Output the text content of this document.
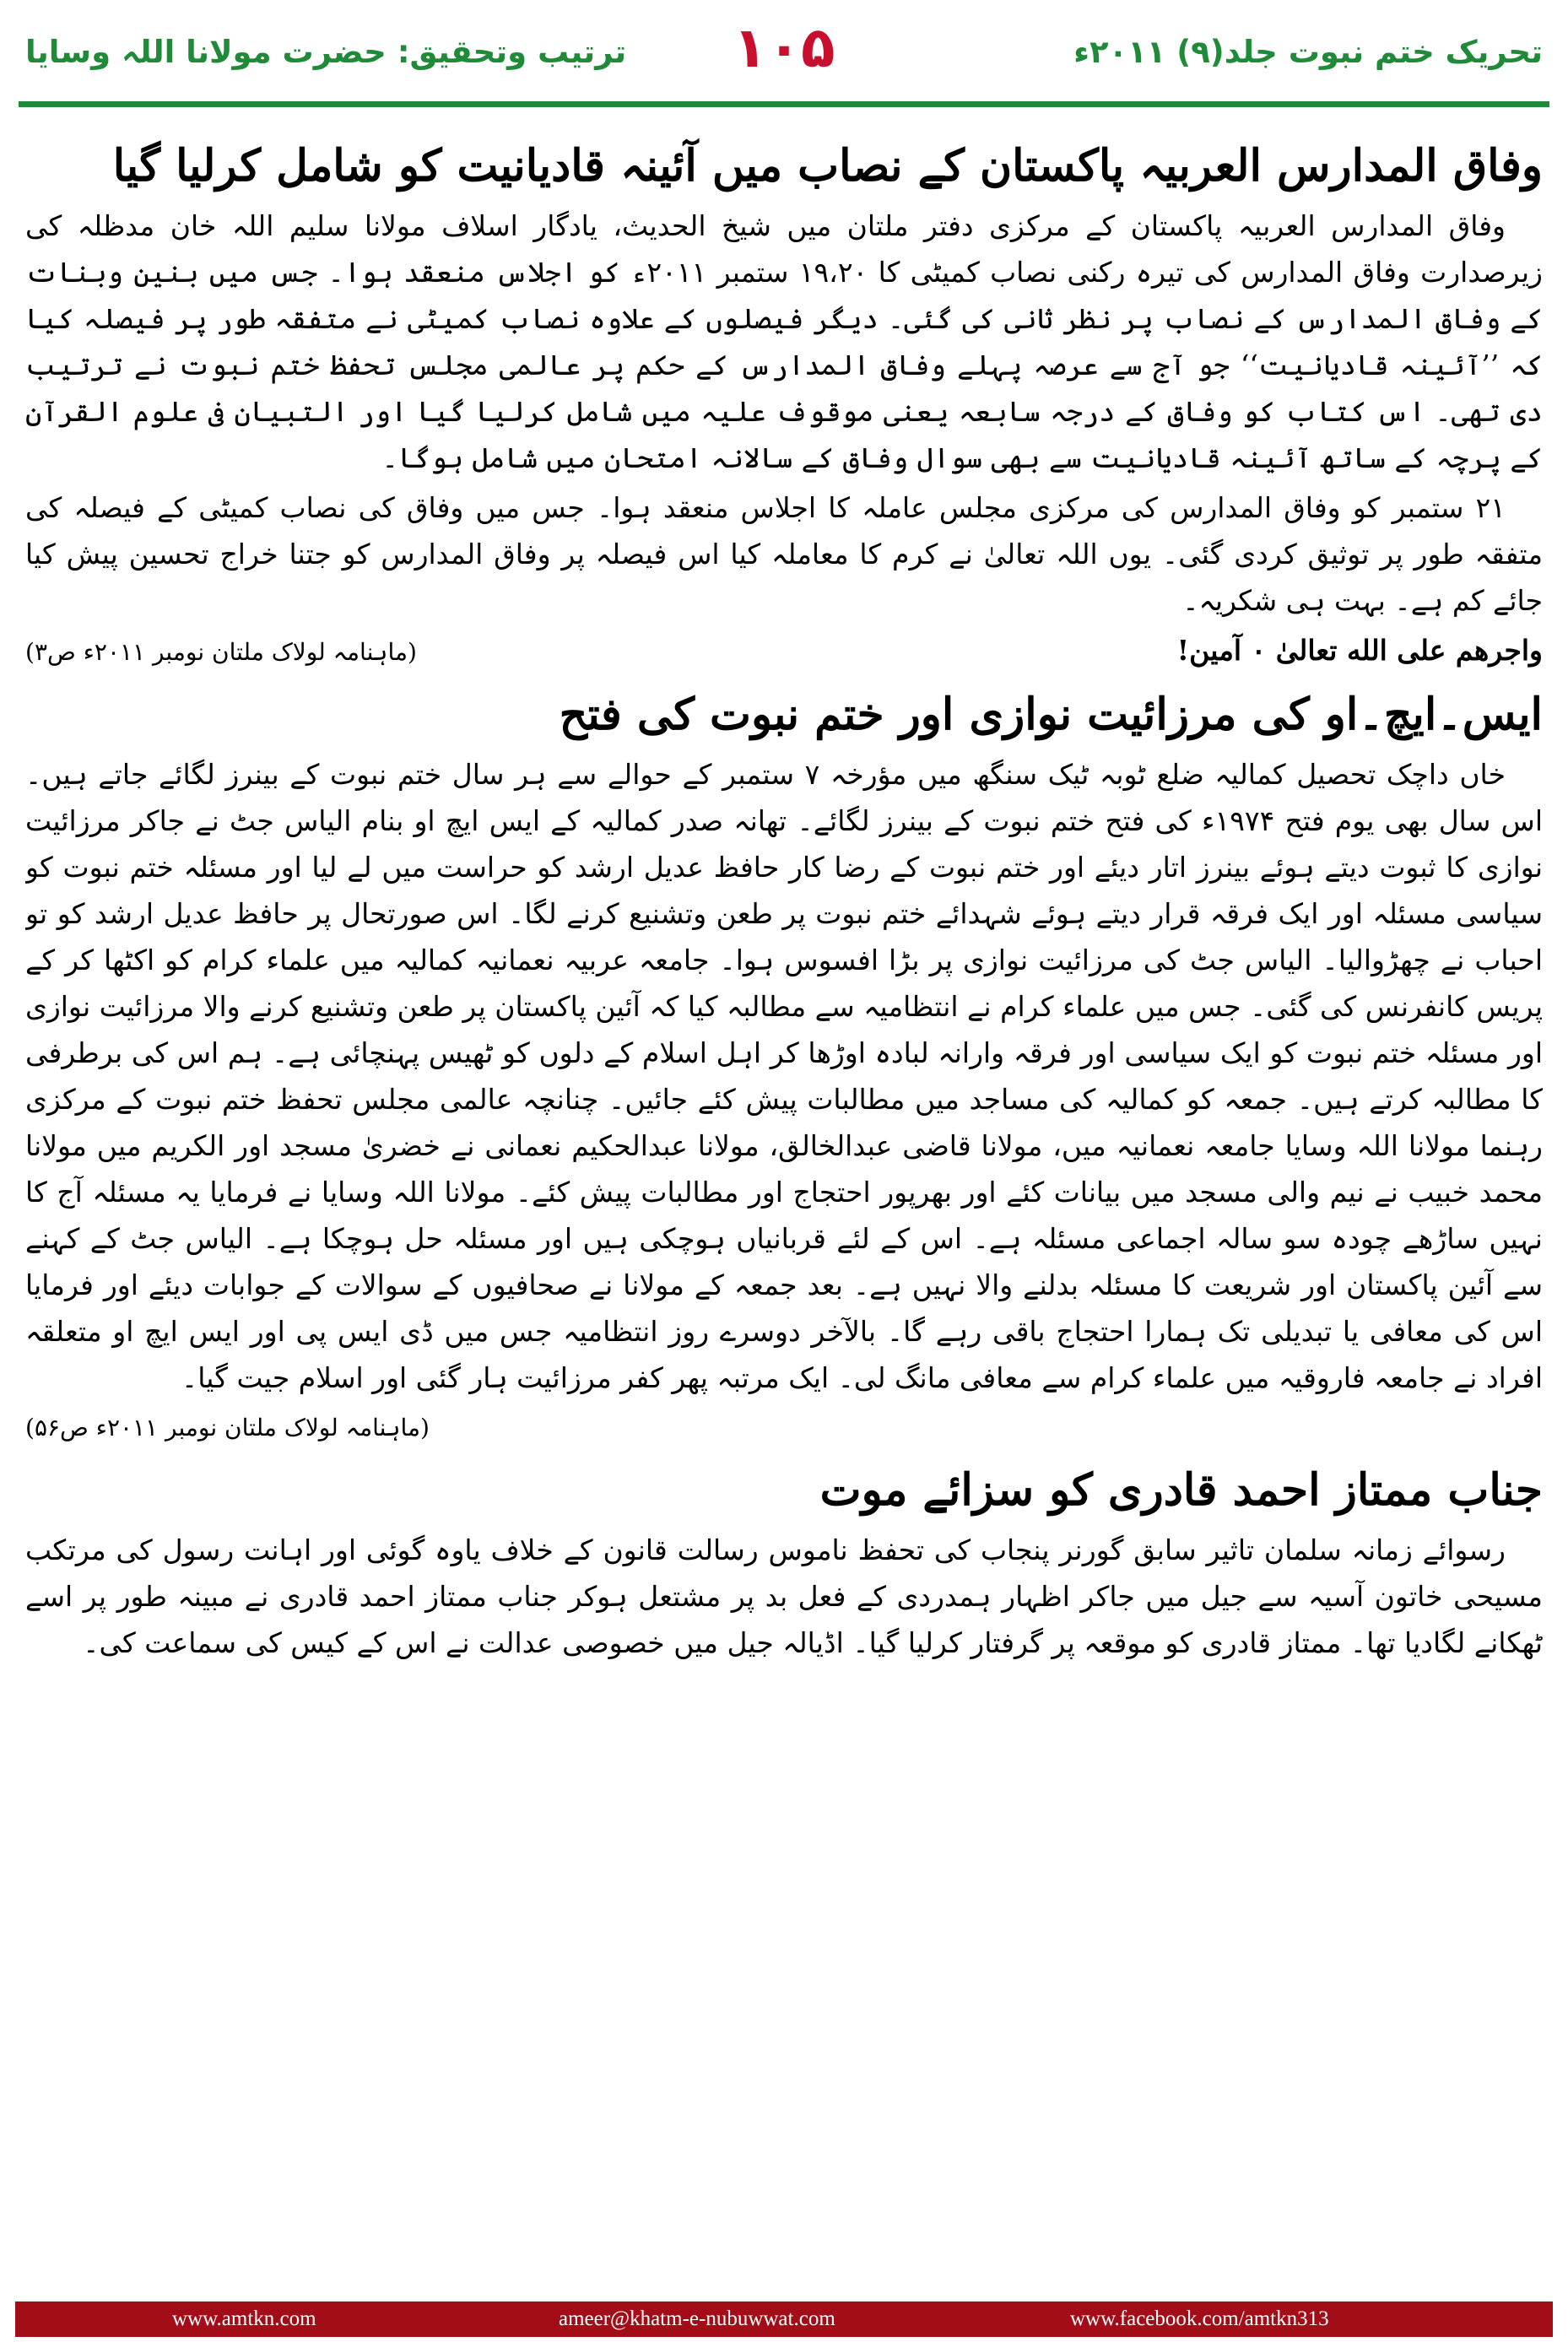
ترتیب وتحقیق: حضرت مولانا اللہ وسایا	۱۰۵	تحریک ختم نبوت جلد(۹) ۲۰۱۱ء
وفاق المدارس العربیہ پاکستان کے نصاب میں آئینہ قادیانیت کو شامل کرلیا گیا

وفاق المدارس العربیہ پاکستان کے مرکزی دفتر ملتان میں شیخ الحدیث، یادگار اسلاف مولانا سلیم اللہ خان مدظلہ کی زیرصدارت وفاق المدارس کی تیرہ رکنی نصاب کمیٹی کا ۱۹،۲۰ ستمبر ۲۰۱۱ء کو اجلاس منعقد ہوا۔ جس میں بنین وبنات کے وفاق المدارس کے نصاب پر نظر ثانی کی گئی۔ دیگر فیصلوں کے علاوہ نصاب کمیٹی نے متفقہ طور پر فیصلہ کیا کہ ’’آئینہ قادیانیت‘‘ جو آج سے عرصہ پہلے وفاق المدارس کے حکم پر عالمی مجلس تحفظ ختم نبوت نے ترتیب دی تھی۔ اس کتاب کو وفاق کے درجہ سابعہ یعنی موقوف علیہ میں شامل کرلیا گیا اور التبیان فی علوم القرآن کے پرچہ کے ساتھ آئینہ قادیانیت سے بھی سوال وفاق کے سالانہ امتحان میں شامل ہوگا۔

۲۱ ستمبر کو وفاق المدارس کی مرکزی مجلس عاملہ کا اجلاس منعقد ہوا۔ جس میں وفاق کی نصاب کمیٹی کے فیصلہ کی متفقہ طور پر توثیق کردی گئی۔ یوں اللہ تعالیٰ نے کرم کا معاملہ کیا اس فیصلہ پر وفاق المدارس کو جتنا خراج تحسین پیش کیا جائے کم ہے۔ بہت ہی شکریہ۔

واجرهم على الله تعالىٰ ۰ آمين!
(ماہنامہ لولاک ملتان نومبر ۲۰۱۱ء ص۳)
ایس۔ایچ۔او کی مرزائیت نوازی اور ختم نبوت کی فتح

خاں داچک تحصیل کمالیہ ضلع ٹوبہ ٹیک سنگھ میں مؤرخہ ۷ ستمبر کے حوالے سے ہر سال ختم نبوت کے بینرز لگائے جاتے ہیں۔ اس سال بھی یوم فتح ۱۹۷۴ء کی فتح ختم نبوت کے بینرز لگائے۔ تھانہ صدر کمالیہ کے ایس ایچ او بنام الیاس جٹ نے جاکر مرزائیت نوازی کا ثبوت دیتے ہوئے بینرز اتار دیئے اور ختم نبوت کے رضا کار حافظ عدیل ارشد کو حراست میں لے لیا اور مسئلہ ختم نبوت کو سیاسی مسئلہ اور ایک فرقہ قرار دیتے ہوئے شہدائے ختم نبوت پر طعن وتشنیع کرنے لگا۔ اس صورتحال پر حافظ عدیل ارشد کو تو احباب نے چھڑوالیا۔ الیاس جٹ کی مرزائیت نوازی پر بڑا افسوس ہوا۔ جامعہ عربیہ نعمانیہ کمالیہ میں علماء کرام کو اکٹھا کر کے پریس کانفرنس کی گئی۔ جس میں علماء کرام نے انتظامیہ سے مطالبہ کیا کہ آئین پاکستان پر طعن وتشنیع کرنے والا مرزائیت نوازی اور مسئلہ ختم نبوت کو ایک سیاسی اور فرقہ وارانہ لبادہ اوڑھا کر اہل اسلام کے دلوں کو ٹھیس پہنچائی ہے۔ ہم اس کی برطرفی کا مطالبہ کرتے ہیں۔ جمعہ کو کمالیہ کی مساجد میں مطالبات پیش کئے جائیں۔ چنانچہ عالمی مجلس تحفظ ختم نبوت کے مرکزی رہنما مولانا اللہ وسایا جامعہ نعمانیہ میں، مولانا قاضی عبدالخالق، مولانا عبدالحکیم نعمانی نے خضریٰ مسجد اور الکریم میں مولانا محمد خبیب نے نیم والی مسجد میں بیانات کئے اور بھرپور احتجاج اور مطالبات پیش کئے۔ مولانا اللہ وسایا نے فرمایا یہ مسئلہ آج کا نہیں ساڑھے چودہ سو سالہ اجماعی مسئلہ ہے۔ اس کے لئے قربانیاں ہوچکی ہیں اور مسئلہ حل ہوچکا ہے۔ الیاس جٹ کے کہنے سے آئین پاکستان اور شریعت کا مسئلہ بدلنے والا نہیں ہے۔ بعد جمعہ کے مولانا نے صحافیوں کے سوالات کے جوابات دیئے اور فرمایا اس کی معافی یا تبدیلی تک ہمارا احتجاج باقی رہے گا۔ بالآخر دوسرے روز انتظامیہ جس میں ڈی ایس پی اور ایس ایچ او متعلقہ افراد نے جامعہ فاروقیہ میں علماء کرام سے معافی مانگ لی۔ ایک مرتبہ پھر کفر مرزائیت ہار گئی اور اسلام جیت گیا۔

(ماہنامہ لولاک ملتان نومبر ۲۰۱۱ء ص۵۶)
جناب ممتاز احمد قادری کو سزائے موت

رسوائے زمانہ سلمان تاثیر سابق گورنر پنجاب کی تحفظ ناموس رسالت قانون کے خلاف یاوہ گوئی اور اہانت رسول کی مرتکب مسیحی خاتون آسیہ سے جیل میں جاکر اظہار ہمدردی کے فعل بد پر مشتعل ہوکر جناب ممتاز احمد قادری نے مبینہ طور پر اسے ٹھکانے لگادیا تھا۔ ممتاز قادری کو موقعہ پر گرفتار کرلیا گیا۔ اڈیالہ جیل میں خصوصی عدالت نے اس کے کیس کی سماعت کی۔

www.amtkn.com	ameer@khatm-e-nubuwwat.com	www.facebook.com/amtkn313
